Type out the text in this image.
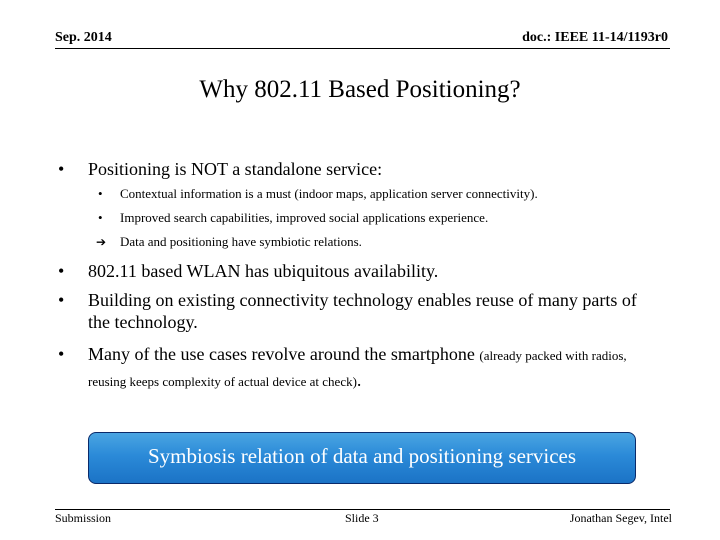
Sep. 2014	doc.: IEEE 11-14/1193r0
Why 802.11 Based Positioning?
• Positioning is NOT a standalone service:
• Contextual information is a must (indoor maps, application server connectivity).
• Improved search capabilities, improved social applications experience.
➔ Data and positioning have symbiotic relations.
• 802.11 based WLAN has ubiquitous availability.
• Building on existing connectivity technology enables reuse of many parts of the technology.
• Many of the use cases revolve around the smartphone (already packed with radios, reusing keeps complexity of actual device at check).
Symbiosis relation of data and positioning services
Submission	Slide 3	Jonathan Segev, Intel
